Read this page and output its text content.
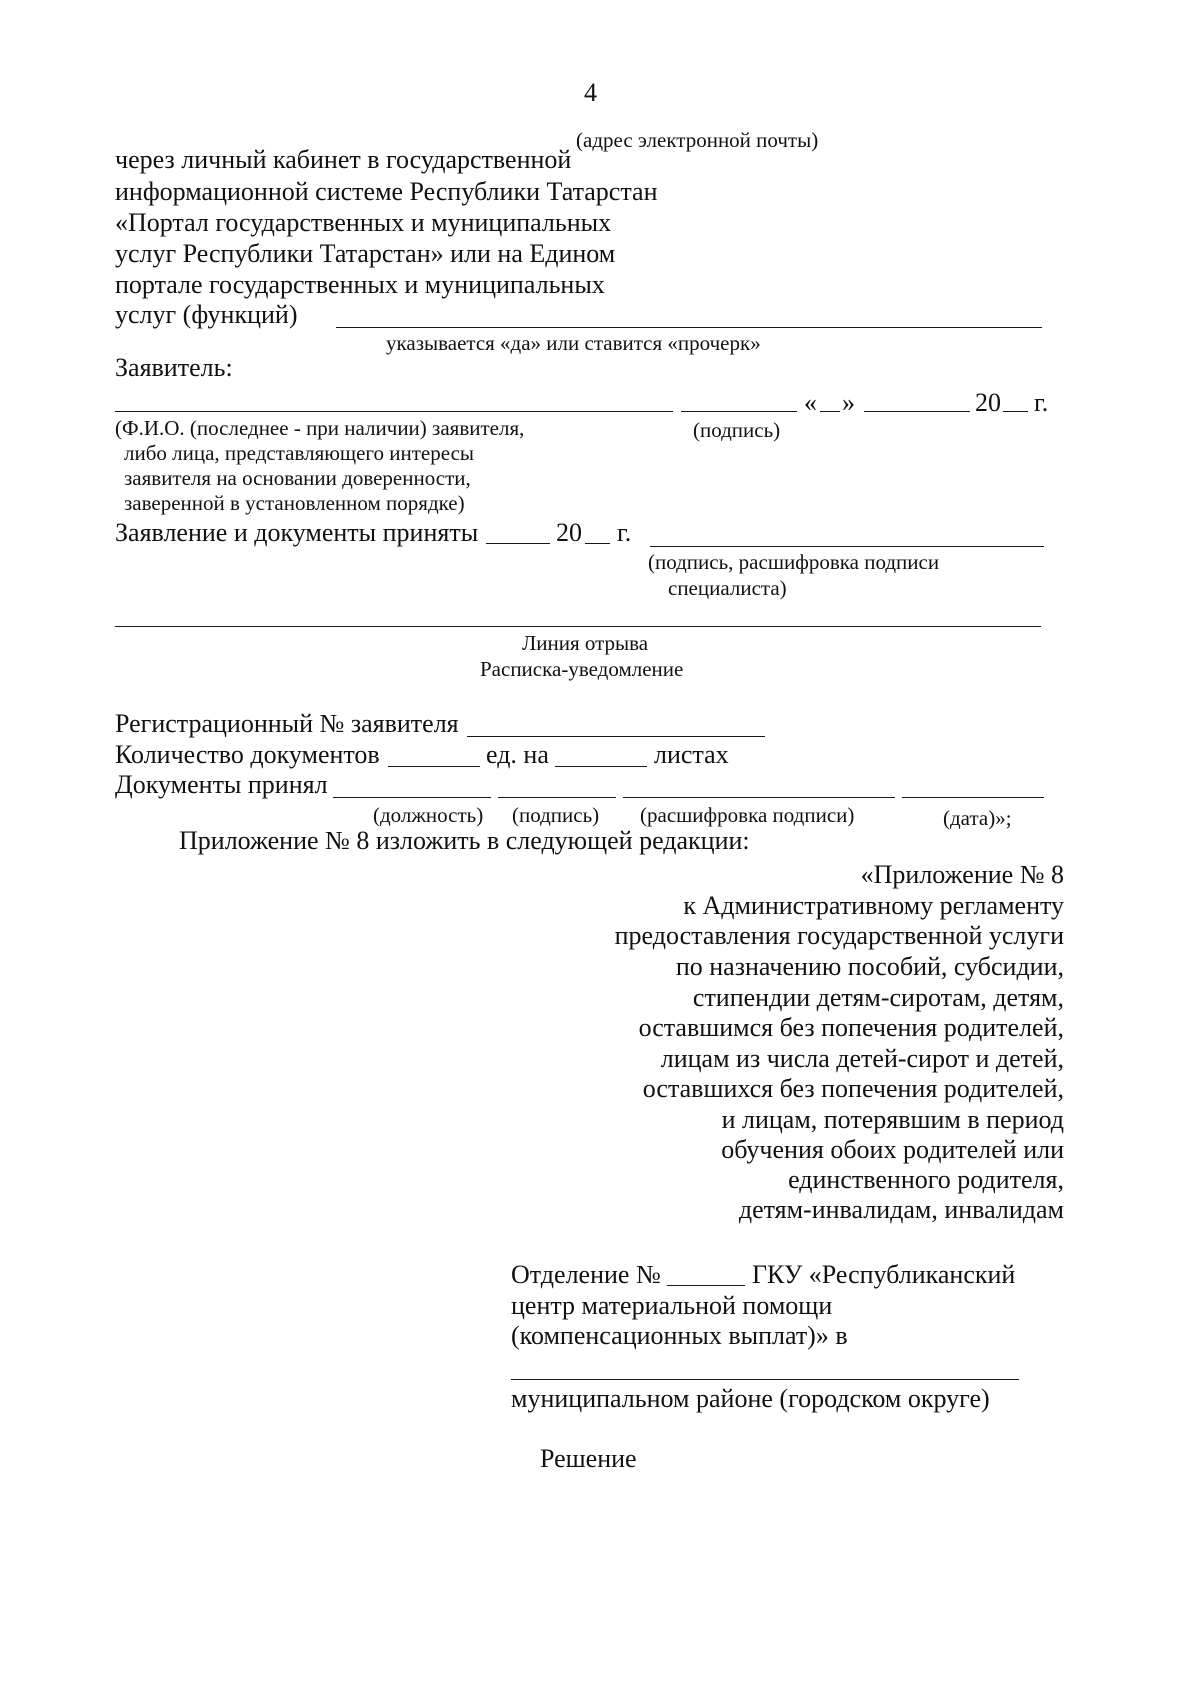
4
(адрес электронной почты)
через личный кабинет в государственной
информационной системе Республики Татарстан
«Портал государственных и муниципальных
услуг Республики Татарстан» или на Едином
портале государственных и муниципальных
услуг (функций)
указывается «да» или ставится «прочерк»
Заявитель:
« »	20 г.
(Ф.И.О. (последнее - при наличии) заявителя,
либо лица, представляющего интересы
заявителя на основании доверенности,
заверенной в установленном порядке)
(подпись)
Заявление и документы приняты	20 г.
(подпись, расшифровка подписи
специалиста)
Линия отрыва
Расписка-уведомление
Регистрационный № заявителя
Количество документов	ед. на	листах
Документы принял
(должность) (подпись) (расшифровка подписи)	(дата)»;
Приложение № 8 изложить в следующей редакции:
«Приложение № 8
к Административному регламенту
предоставления государственной услуги
по назначению пособий, субсидии,
стипендии детям-сиротам, детям,
оставшимся без попечения родителей,
лицам из числа детей-сирот и детей,
оставшихся без попечения родителей,
и лицам, потерявшим в период
обучения обоих родителей или
единственного родителя,
детям-инвалидам, инвалидам
Отделение №	ГКУ «Республиканский
центр материальной помощи
(компенсационных выплат)» в
муниципальном районе (городском округе)
Решение
